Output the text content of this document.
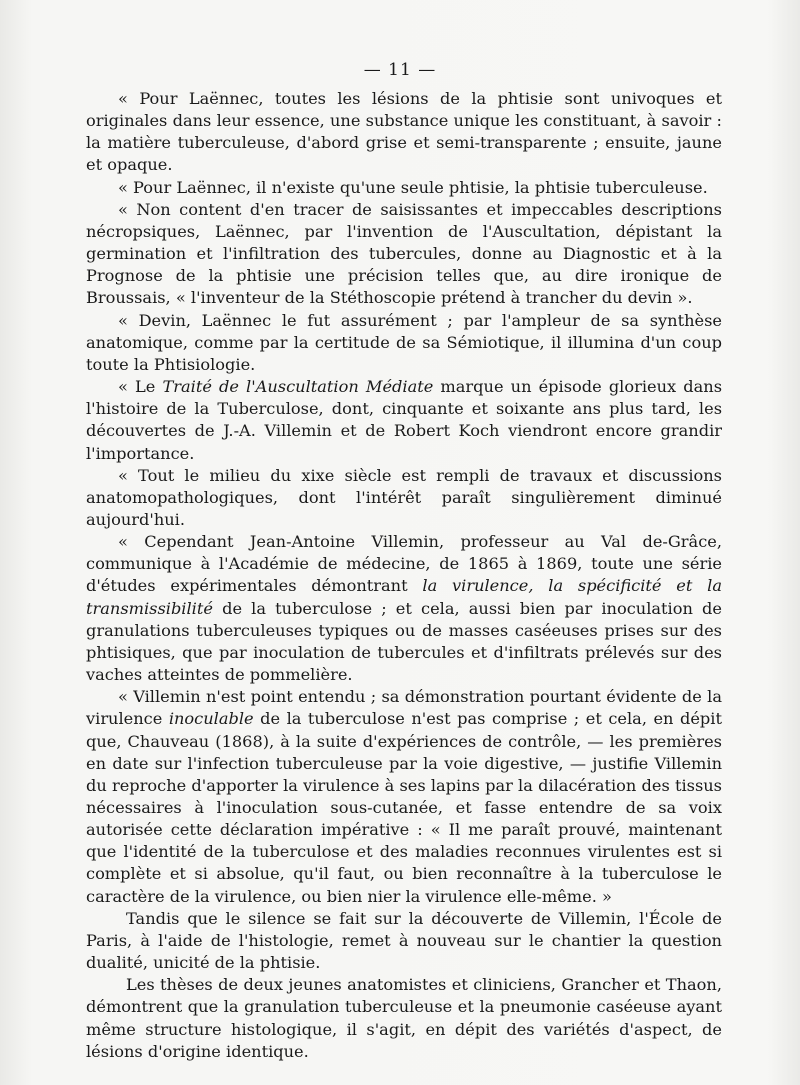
— 11 —

« Pour Laënnec, toutes les lésions de la phtisie sont univoques et originales dans leur essence, une substance unique les constituant, à savoir : la matière tuberculeuse, d'abord grise et semi-transparente ; ensuite, jaune et opaque.

« Pour Laënnec, il n'existe qu'une seule phtisie, la phtisie tuberculeuse.

« Non content d'en tracer de saisissantes et impeccables descriptions nécropsiques, Laënnec, par l'invention de l'Auscultation, dépistant la germination et l'infiltration des tubercules, donne au Diagnostic et à la Prognose de la phtisie une précision telles que, au dire ironique de Broussais, « l'inventeur de la Stéthoscopie prétend à trancher du devin ».

« Devin, Laënnec le fut assurément ; par l'ampleur de sa synthèse anatomique, comme par la certitude de sa Sémiotique, il illumina d'un coup toute la Phtisiologie.

« Le Traité de l'Auscultation Médiate marque un épisode glorieux dans l'histoire de la Tuberculose, dont, cinquante et soixante ans plus tard, les découvertes de J.-A. Villemin et de Robert Koch viendront encore grandir l'importance.

« Tout le milieu du xixe siècle est rempli de travaux et discussions anatomopathologiques, dont l'intérêt paraît singulièrement diminué aujourd'hui.

« Cependant Jean-Antoine Villemin, professeur au Val de-Grâce, communique à l'Académie de médecine, de 1865 à 1869, toute une série d'études expérimentales démontrant la virulence, la spécificité et la transmissibilité de la tuberculose ; et cela, aussi bien par inoculation de granulations tuberculeuses typiques ou de masses caséeuses prises sur des phtisiques, que par inoculation de tubercules et d'infiltrats prélevés sur des vaches atteintes de pommelière.

« Villemin n'est point entendu ; sa démonstration pourtant évidente de la virulence inoculable de la tuberculose n'est pas comprise ; et cela, en dépit que, Chauveau (1868), à la suite d'expériences de contrôle, — les premières en date sur l'infection tuberculeuse par la voie digestive, — justifie Villemin du reproche d'apporter la virulence à ses lapins par la dilacération des tissus nécessaires à l'inoculation sous-cutanée, et fasse entendre de sa voix autorisée cette déclaration impérative : « Il me paraît prouvé, maintenant que l'identité de la tuberculose et des maladies reconnues virulentes est si complète et si absolue, qu'il faut, ou bien reconnaître à la tuberculose le caractère de la virulence, ou bien nier la virulence elle-même. »

Tandis que le silence se fait sur la découverte de Villemin, l'École de Paris, à l'aide de l'histologie, remet à nouveau sur le chantier la question dualité, unicité de la phtisie.

Les thèses de deux jeunes anatomistes et cliniciens, Grancher et Thaon, démontrent que la granulation tuberculeuse et la pneumonie caséeuse ayant même structure histologique, il s'agit, en dépit des variétés d'aspect, de lésions d'origine identique.
